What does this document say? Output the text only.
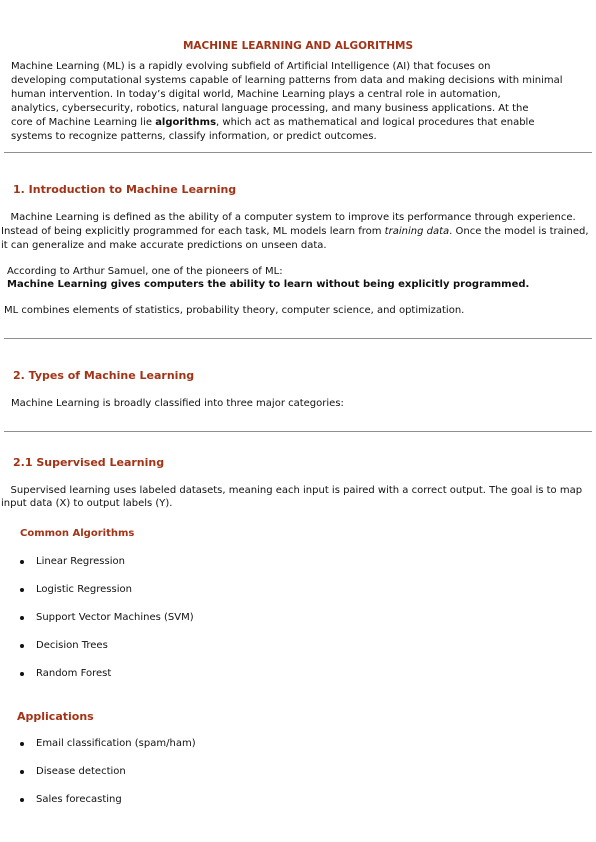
MACHINE LEARNING AND ALGORITHMS

Machine Learning (ML) is a rapidly evolving subfield of Artificial Intelligence (AI) that focuses on

developing computational systems capable of learning patterns from data and making decisions with minimal

human intervention. In today’s digital world, Machine Learning plays a central role in automation,

analytics, cybersecurity, robotics, natural language processing, and many business applications. At the

core of Machine Learning lie algorithms, which act as mathematical and logical procedures that enable

systems to recognize patterns, classify information, or predict outcomes.

1. Introduction to Machine Learning

Machine Learning is defined as the ability of a computer system to improve its performance through experience.

Instead of being explicitly programmed for each task, ML models learn from training data. Once the model is trained,

it can generalize and make accurate predictions on unseen data.

According to Arthur Samuel, one of the pioneers of ML:

Machine Learning gives computers the ability to learn without being explicitly programmed.

ML combines elements of statistics, probability theory, computer science, and optimization.

2. Types of Machine Learning

Machine Learning is broadly classified into three major categories:

2.1 Supervised Learning

Supervised learning uses labeled datasets, meaning each input is paired with a correct output. The goal is to map

input data (X) to output labels (Y).

Common Algorithms
Linear Regression
Logistic Regression
Support Vector Machines (SVM)
Decision Trees
Random Forest
Applications
Email classification (spam/ham)
Disease detection
Sales forecasting
